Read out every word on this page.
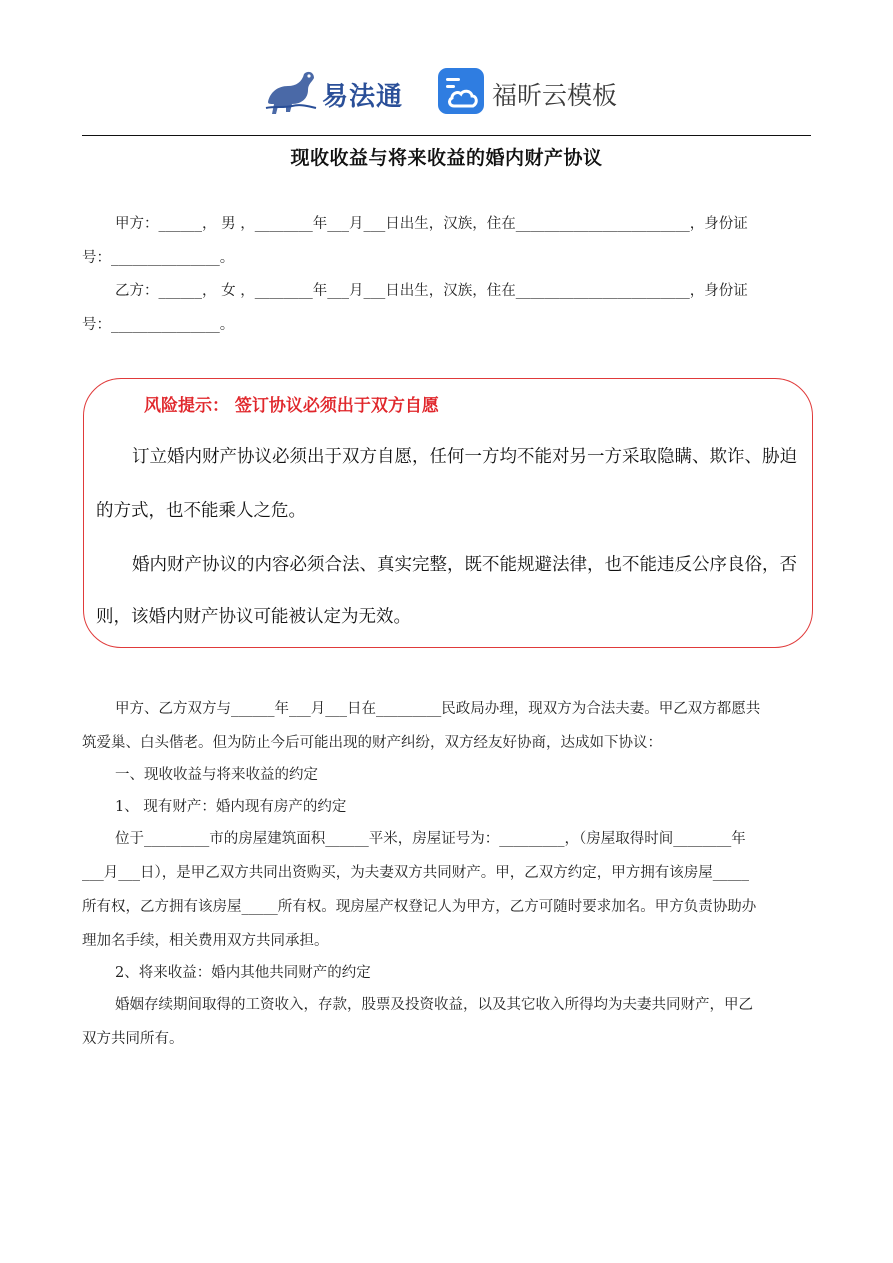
易法通	福昕云模板
现收收益与将来收益的婚内财产协议
甲方：______， 男 ，________年___月___日出生，汉族，住在________________________，身份证
号：_______________。
乙方：______， 女 ，________年___月___日出生，汉族，住在________________________，身份证
号：_______________。
风险提示： 签订协议必须出于双方自愿
订立婚内财产协议必须出于双方自愿，任何一方均不能对另一方采取隐瞒、欺诈、胁迫
的方式，也不能乘人之危。
婚内财产协议的内容必须合法、真实完整，既不能规避法律，也不能违反公序良俗，否
则，该婚内财产协议可能被认定为无效。
甲方、乙方双方与______年___月___日在_________民政局办理，现双方为合法夫妻。甲乙双方都愿共
筑爱巢、白头偕老。但为防止今后可能出现的财产纠纷，双方经友好协商，达成如下协议：
一、现收收益与将来收益的约定
1、 现有财产：婚内现有房产的约定
位于_________市的房屋建筑面积______平米，房屋证号为：_________，（房屋取得时间________年
___月___日），是甲乙双方共同出资购买，为夫妻双方共同财产。甲，乙双方约定，甲方拥有该房屋_____
所有权，乙方拥有该房屋_____所有权。现房屋产权登记人为甲方，乙方可随时要求加名。甲方负责协助办
理加名手续，相关费用双方共同承担。
2、将来收益：婚内其他共同财产的约定
婚姻存续期间取得的工资收入，存款，股票及投资收益，以及其它收入所得均为夫妻共同财产，甲乙
双方共同所有。
